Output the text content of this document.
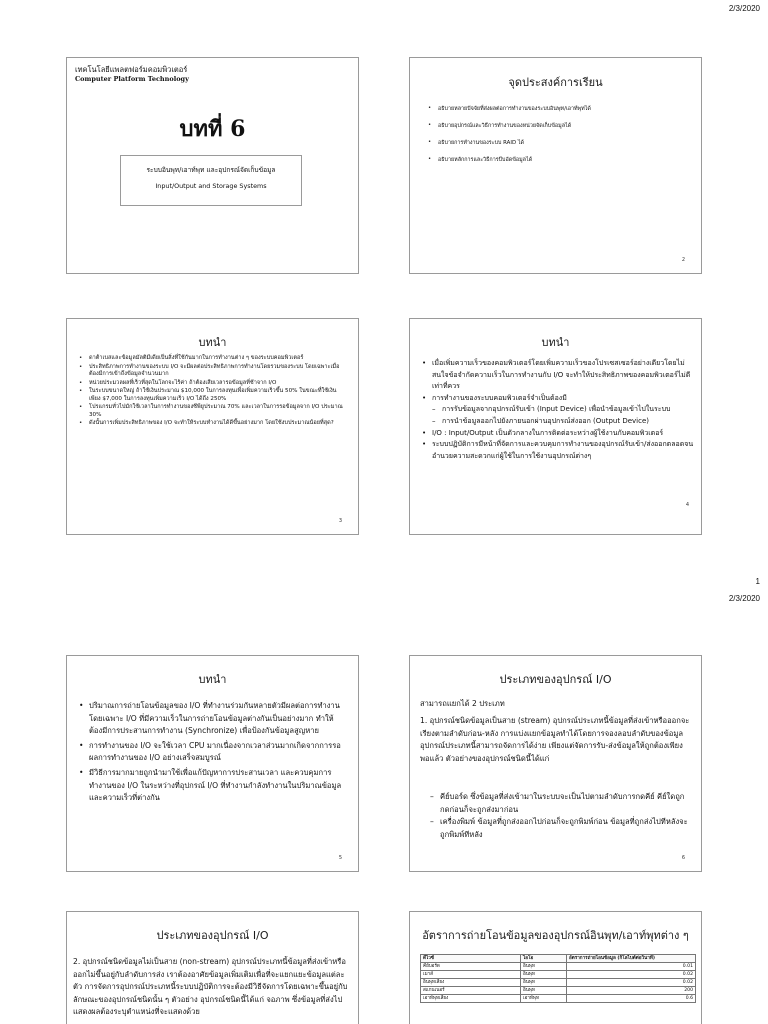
2/3/2020
1
2/3/2020
เทคโนโลยีแพลตฟอร์มคอมพิวเตอร์
Computer Platform Technology
บทที่ 6
ระบบอินพุท/เอาท์พุท และอุปกรณ์จัดเก็บข้อมูล
Input/Output and Storage Systems
จุดประสงค์การเรียน
• อธิบายหลายปัจจัยที่ส่งผลต่อการทำงานของระบบอินพุท/เอาท์พุทได้
• อธิบายอุปกรณ์และวิธีการทำงานของหน่วยจัดเก็บข้อมูลได้
• อธิบายการทำงานของระบบ RAID ได้
• อธิบายหลักการและวิธีการบีบอัดข้อมูลได้
2
บทนำ
• ดาต้าเบสและข้อมูลมัลติมีเดียเป็นสิ่งที่ใช้กันมากในการทำงานต่าง ๆ ของระบบคอมพิวเตอร์
• ประสิทธิภาพการทำงานของระบบ I/O จะมีผลต่อประสิทธิภาพการทำงานโดยรวมของระบบ โดยเฉพาะเมื่อต้องมีการเข้าถึงข้อมูลจำนวนมาก
• หน่วยประมวลผลที่เร็วที่สุดในโลกจะไร้ค่า ถ้าต้องเสียเวลารอข้อมูลที่ช้าจาก I/O
• ในระบบขนาดใหญ่ ถ้าใช้เงินประมาณ $10,000 ในการลงทุนเพื่อเพิ่มความเร็วขึ้น 50% ในขณะที่ใช้เงินเพียง $7,000 ในการลงทุนเพิ่มความเร็ว I/O ได้ถึง 250%
• โปรแกรมทั่วไปมักใช้เวลาในการทำงานของซีพียูประมาณ 70% และเวลาในการรอข้อมูลจาก I/O ประมาณ 30%
• ดังนั้นการเพิ่มประสิทธิภาพของ I/O จะทำให้ระบบทำงานได้ดีขึ้นอย่างมาก โดยใช้งบประมาณน้อยที่สุด?
3
บทนำ
• เมื่อเพิ่มความเร็วของคอมพิวเตอร์โดยเพิ่มความเร็วของโปรเซสเซอร์อย่างเดียวโดยไม่สนใจข้อจำกัดความเร็วในการทำงานกับ I/O จะทำให้ประสิทธิภาพของคอมพิวเตอร์ไม่ดีเท่าที่ควร
• การทำงานของระบบคอมพิวเตอร์จำเป็นต้องมี
– การรับข้อมูลจากอุปกรณ์รับเข้า (Input Device) เพื่อนำข้อมูลเข้าไปในระบบ
– การนำข้อมูลออกไปยังภายนอกผ่านอุปกรณ์ส่งออก (Output Device)
• I/O : Input/Output เป็นตัวกลางในการติดต่อระหว่างผู้ใช้งานกับคอมพิวเตอร์
• ระบบปฏิบัติการมีหน้าที่จัดการและควบคุมการทำงานของอุปกรณ์รับเข้า/ส่งออกตลอดจนอำนวยความสะดวกแก่ผู้ใช้ในการใช้งานอุปกรณ์ต่างๆ
4
บทนำ
• ปริมาณการถ่ายโอนข้อมูลของ I/O ที่ทำงานร่วมกันหลายตัวมีผลต่อการทำงาน โดยเฉพาะ I/O ที่มีความเร็วในการถ่ายโอนข้อมูลต่างกันเป็นอย่างมาก ทำให้ต้องมีการประสานการทำงาน (Synchronize) เพื่อป้องกันข้อมูลสูญหาย
• การทำงานของ I/O จะใช้เวลา CPU มากเนื่องจากเวลาส่วนมากเกิดจากการรอผลการทำงานของ I/O อย่างเสร็จสมบูรณ์
• มีวิธีการมากมายถูกนำมาใช้เพื่อแก้ปัญหาการประสานเวลา และควบคุมการทำงานของ I/O ในระหว่างที่อุปกรณ์ I/O ที่ทำงานกำลังทำงานในปริมาณข้อมูลและความเร็วที่ต่างกัน
5
ประเภทของอุปกรณ์ I/O
สามารถแยกได้ 2 ประเภท
1. อุปกรณ์ชนิดข้อมูลเป็นสาย (stream) อุปกรณ์ประเภทนี้ข้อมูลที่ส่งเข้าหรือออกจะเรียงตามลำดับก่อน-หลัง การแบ่งแยกข้อมูลทำได้โดยการจองลอบลำดับของข้อมูล อุปกรณ์ประเภทนี้สามารถจัดการได้ง่าย เพียงแต่จัดการรับ-ส่งข้อมูลให้ถูกต้องเพียงพอแล้ว ตัวอย่างของอุปกรณ์ชนิดนี้ได้แก่
– คีย์บอร์ด ซึ่งข้อมูลที่ส่งเข้ามาในระบบจะเป็นไปตามลำดับการกดคีย์ คีย์ใดถูกกดก่อนก็จะถูกส่งมาก่อน
– เครื่องพิมพ์ ข้อมูลที่ถูกส่งออกไปก่อนก็จะถูกพิมพ์ก่อน ข้อมูลที่ถูกส่งไปทีหลังจะถูกพิมพ์ทีหลัง
6
ประเภทของอุปกรณ์ I/O
2. อุปกรณ์ชนิดข้อมูลไม่เป็นสาย (non-stream) อุปกรณ์ประเภทนี้ข้อมูลที่ส่งเข้าหรือออกไม่ขึ้นอยู่กับลำดับการส่ง เราต้องอาศัยข้อมูลเพิ่มเติมเพื่อที่จะแยกแยะข้อมูลแต่ละตัว การจัดการอุปกรณ์ประเภทนี้ระบบปฏิบัติการจะต้องมีวิธีจัดการโดยเฉพาะขึ้นอยู่กับลักษณะของอุปกรณ์ชนิดนั้น ๆ ตัวอย่าง อุปกรณ์ชนิดนี้ได้แก่ จอภาพ ซึ่งข้อมูลที่ส่งไปแสดงผลต้องระบุตำแหน่งที่จะแสดงด้วย
อัตราการถ่ายโอนข้อมูลของอุปกรณ์อินพุท/เอาท์พุทต่าง ๆ
ดีไวซ์	ไอโอ	อัตราการถ่ายโอนข้อมูล (กิโลไบต์ต่อวินาที)
คีย์บอร์ด	อินพุท	0.01
เมาส์	อินพุท	0.02
อินพุทเสียง	อินพุท	0.02
สแกนเนอร์	อินพุท	200
เอาท์พุทเสียง	เอาท์พุท	0.6
